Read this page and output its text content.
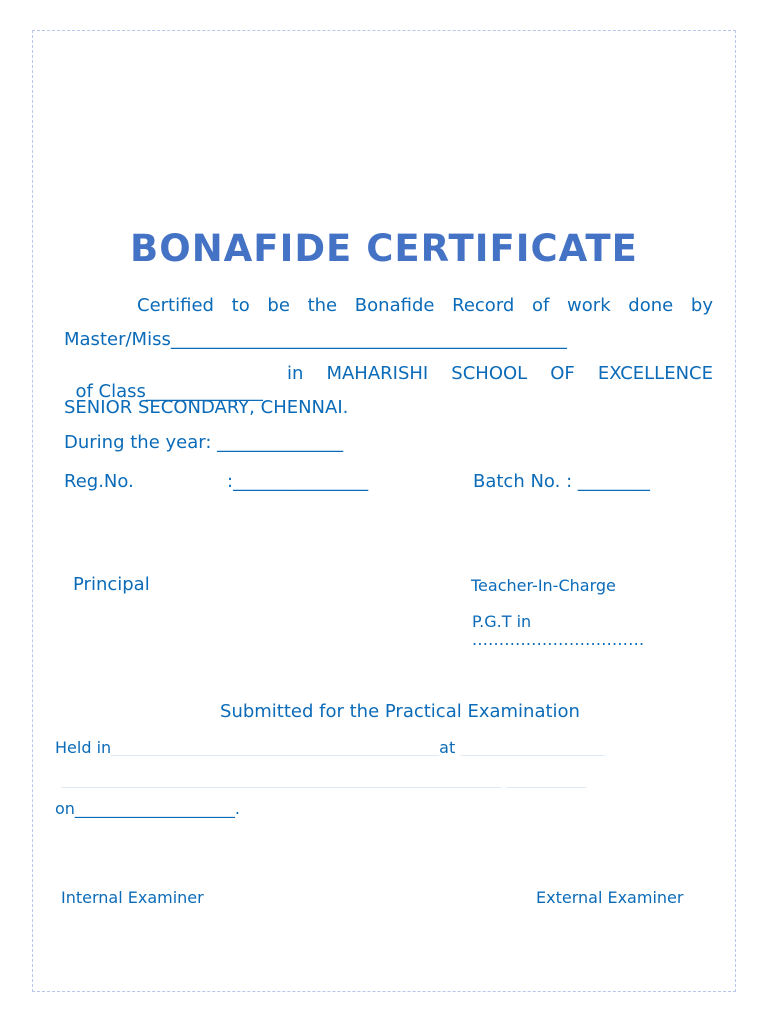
BONAFIDE CERTIFICATE
Certified to be the Bonafide Record of work done by
Master/Miss____________________________________________

of Class_____________

in MAHARISHI SCHOOL OF EXCELLENCE
SENIOR SECONDARY, CHENNAI.
During the year: ______________
Reg.No.	:_______________	Batch No. : ________
Principal	Teacher-In-Charge
P.G.T in
................................
Submitted for the Practical Examination
Held in_________________________________________at __________________
_______________________________________________________ __________
on____________________.
Internal Examiner	External Examiner
